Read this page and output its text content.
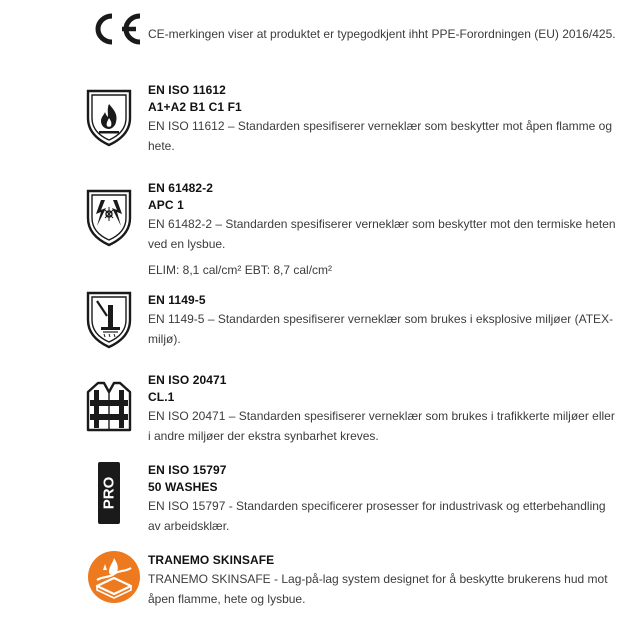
CE-merkingen viser at produktet er typegodkjent ihht PPE-Forordningen (EU) 2016/425.
EN ISO 11612
A1+A2 B1 C1 F1
EN ISO 11612 – Standarden spesifiserer verneklær som beskytter mot åpen flamme og hete.
EN 61482-2
APC 1
EN 61482-2 – Standarden spesifiserer verneklær som beskytter mot den termiske heten ved en lysbue.
ELIM: 8,1 cal/cm² EBT: 8,7 cal/cm²
EN 1149-5
EN 1149-5 – Standarden spesifiserer verneklær som brukes i eksplosive miljøer (ATEX-miljø).
EN ISO 20471
CL.1
EN ISO 20471 – Standarden spesifiserer verneklær som brukes i trafikkerte miljøer eller i andre miljøer der ekstra synbarhet kreves.
PRO
EN ISO 15797
50 WASHES
EN ISO 15797 - Standarden specificerer prosesser for industrivask og etterbehandling av arbeidsklær.
TRANEMO SKINSAFE
TRANEMO SKINSAFE - Lag-på-lag system designet for å beskytte brukerens hud mot åpen flamme, hete og lysbue.
